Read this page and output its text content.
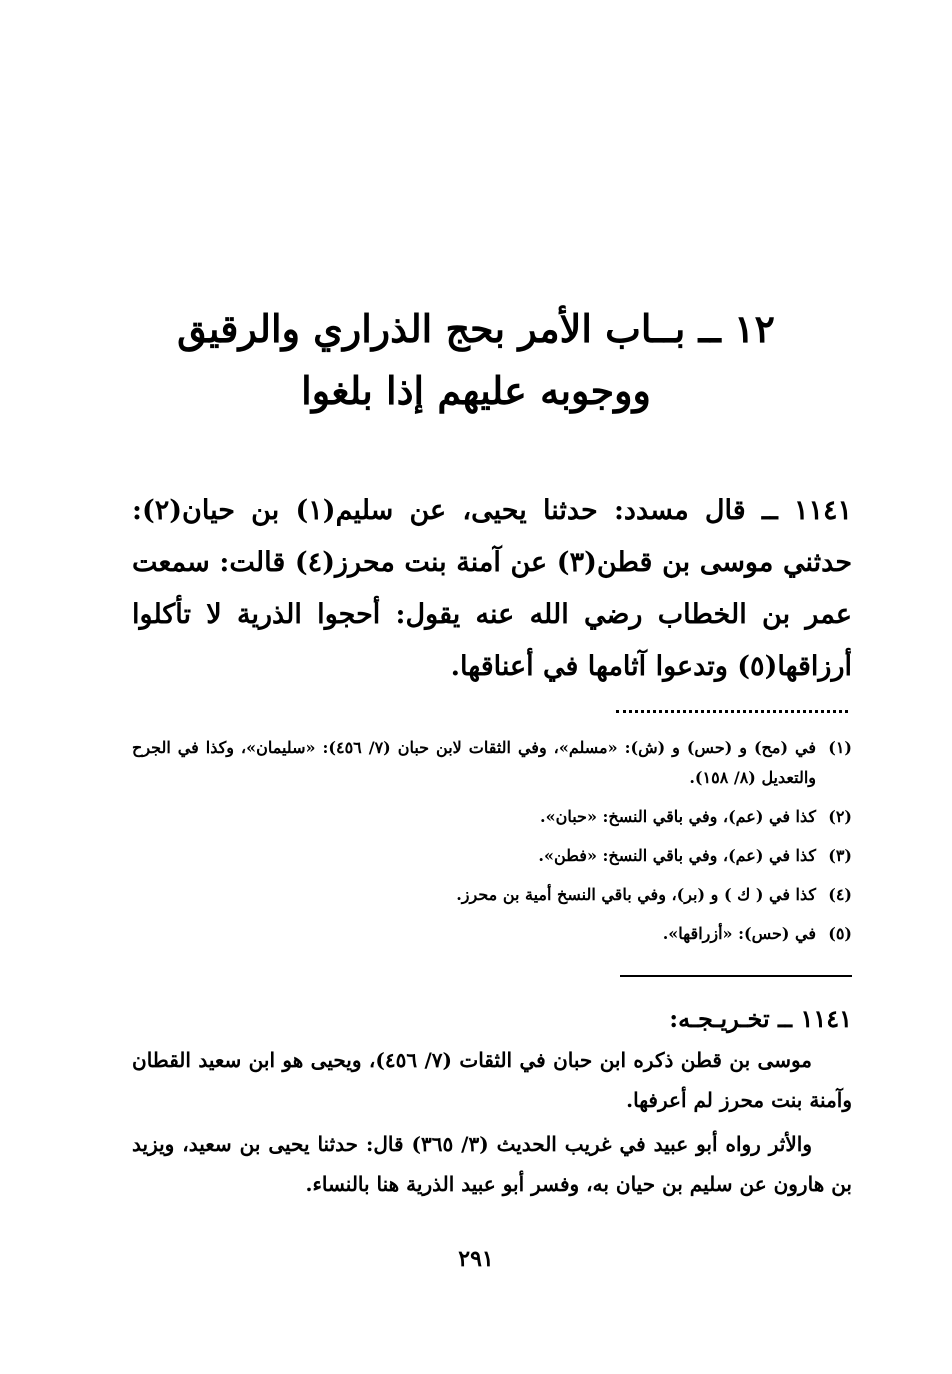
١٢ ــ بــاب الأمر بحج الذراري والرقيق
ووجوبه عليهم إذا بلغوا
١١٤١ ــ قال مسدد: حدثنا يحيى، عن سليم(١) بن حيان(٢): حدثني موسى بن قطن(٣) عن آمنة بنت محرز(٤) قالت: سمعت عمر بن الخطاب رضي الله عنه يقول: أحجوا الذرية لا تأكلوا أرزاقها(٥) وتدعوا آثامها في أعناقها.
(١)
في (مح) و (حس) و (ش): «مسلم»، وفي الثقات لابن حبان (٧/ ٤٥٦): «سليمان»، وكذا في الجرح والتعديل (٨/ ١٥٨).
(٢)
كذا في (عم)، وفي باقي النسخ: «حبان».
(٣)
كذا في (عم)، وفي باقي النسخ: «فطن».
(٤)
كذا في ( ك ) و (بر)، وفي باقي النسخ أمية بن محرز.
(٥)
في (حس): «أزراقها».
١١٤١ ــ تخـريـجـه:
موسى بن قطن ذكره ابن حبان في الثقات (٧/ ٤٥٦)، ويحيى هو ابن سعيد القطان وآمنة بنت محرز لم أعرفها.
والأثر رواه أبو عبيد في غريب الحديث (٣/ ٣٦٥) قال: حدثنا يحيى بن سعيد، ويزيد بن هارون عن سليم بن حيان به، وفسر أبو عبيد الذرية هنا بالنساء.
٢٩١
